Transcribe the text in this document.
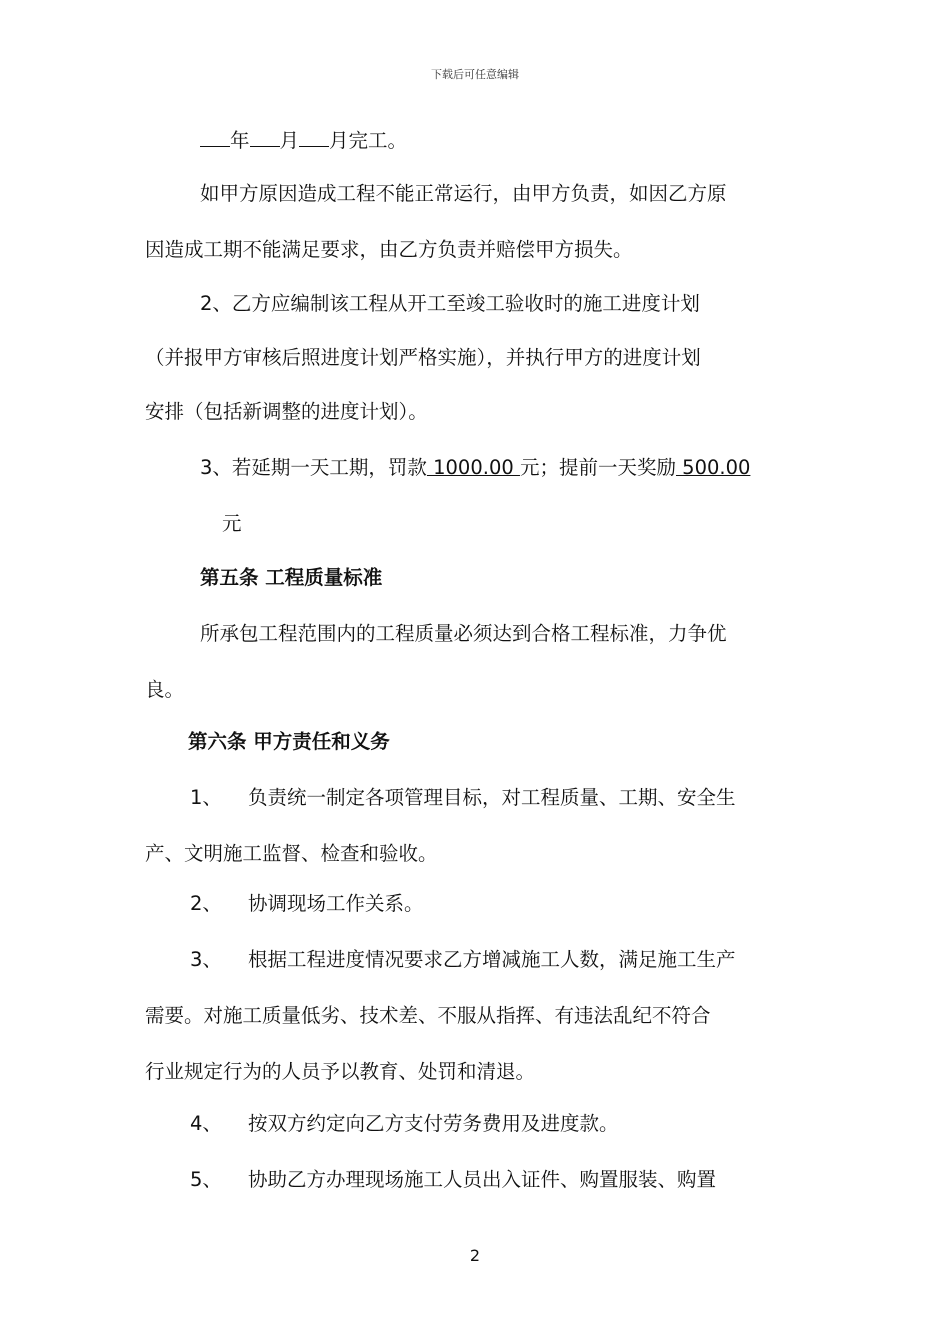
下载后可任意编辑
年 月 月完工。
如甲方原因造成工程不能正常运行，由甲方负责，如因乙方原
因造成工期不能满足要求，由乙方负责并赔偿甲方损失。
2、乙方应编制该工程从开工至竣工验收时的施工进度计划
（并报甲方审核后照进度计划严格实施），并执行甲方的进度计划
安排（包括新调整的进度计划）。
3、若延期一天工期，罚款 1000.00 元；提前一天奖励 500.00
元
第五条 工程质量标准
所承包工程范围内的工程质量必须达到合格工程标准，力争优
良。
第六条 甲方责任和义务
1、 负责统一制定各项管理目标，对工程质量、工期、安全生
产、文明施工监督、检查和验收。
2、 协调现场工作关系。
3、 根据工程进度情况要求乙方增减施工人数，满足施工生产
需要。对施工质量低劣、技术差、不服从指挥、有违法乱纪不符合
行业规定行为的人员予以教育、处罚和清退。
4、 按双方约定向乙方支付劳务费用及进度款。
5、 协助乙方办理现场施工人员出入证件、购置服装、购置
2
